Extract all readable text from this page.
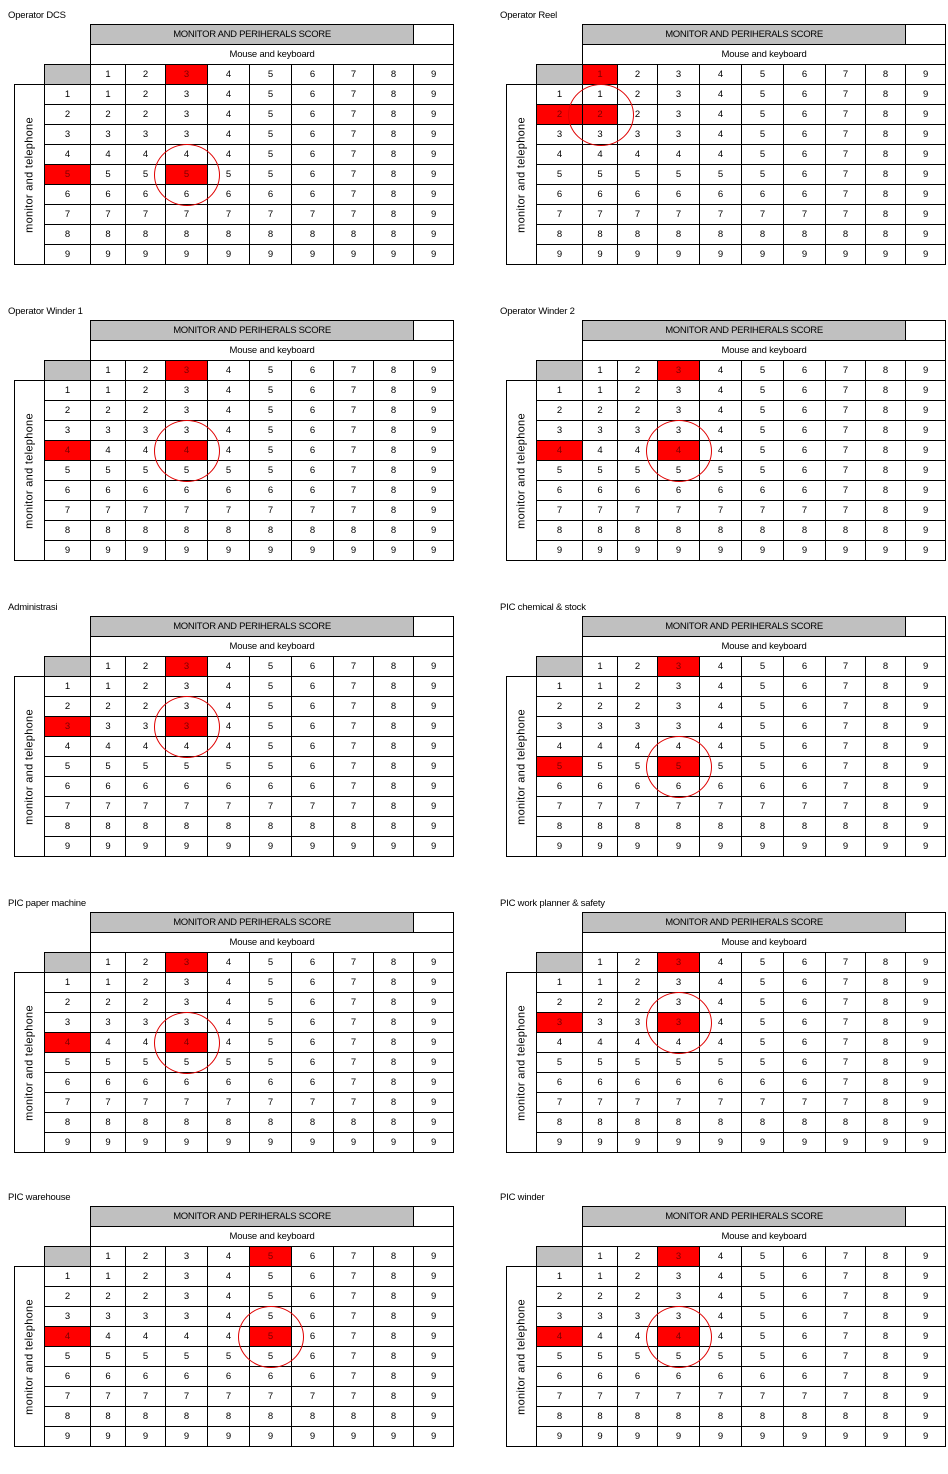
Operator DCS
		MONITOR AND PERIHERALS SCORE								
		Mouse and keyboard								
		1	2	3	4	5	6	7	8	9

monitor and telephone	1	1	2	3	4	5	6	7	8	9
	2	2	2	3	4	5	6	7	8	9
	3	3	3	3	4	5	6	7	8	9
	4	4	4	4	4	5	6	7	8	9
	5	5	5	5	5	5	6	7	8	9
	6	6	6	6	6	6	6	7	8	9
	7	7	7	7	7	7	7	7	8	9
	8	8	8	8	8	8	8	8	8	9
	9	9	9	9	9	9	9	9	9	9
Operator Reel
		MONITOR AND PERIHERALS SCORE								
		Mouse and keyboard								
		1	2	3	4	5	6	7	8	9

monitor and telephone	1	1	2	3	4	5	6	7	8	9
	2	2	2	3	4	5	6	7	8	9
	3	3	3	3	4	5	6	7	8	9
	4	4	4	4	4	5	6	7	8	9
	5	5	5	5	5	5	6	7	8	9
	6	6	6	6	6	6	6	7	8	9
	7	7	7	7	7	7	7	7	8	9
	8	8	8	8	8	8	8	8	8	9
	9	9	9	9	9	9	9	9	9	9
Operator Winder 1
		MONITOR AND PERIHERALS SCORE								
		Mouse and keyboard								
		1	2	3	4	5	6	7	8	9

monitor and telephone	1	1	2	3	4	5	6	7	8	9
	2	2	2	3	4	5	6	7	8	9
	3	3	3	3	4	5	6	7	8	9
	4	4	4	4	4	5	6	7	8	9
	5	5	5	5	5	5	6	7	8	9
	6	6	6	6	6	6	6	7	8	9
	7	7	7	7	7	7	7	7	8	9
	8	8	8	8	8	8	8	8	8	9
	9	9	9	9	9	9	9	9	9	9
Operator Winder 2
		MONITOR AND PERIHERALS SCORE								
		Mouse and keyboard								
		1	2	3	4	5	6	7	8	9

monitor and telephone	1	1	2	3	4	5	6	7	8	9
	2	2	2	3	4	5	6	7	8	9
	3	3	3	3	4	5	6	7	8	9
	4	4	4	4	4	5	6	7	8	9
	5	5	5	5	5	5	6	7	8	9
	6	6	6	6	6	6	6	7	8	9
	7	7	7	7	7	7	7	7	8	9
	8	8	8	8	8	8	8	8	8	9
	9	9	9	9	9	9	9	9	9	9
Administrasi
		MONITOR AND PERIHERALS SCORE								
		Mouse and keyboard								
		1	2	3	4	5	6	7	8	9

monitor and telephone	1	1	2	3	4	5	6	7	8	9
	2	2	2	3	4	5	6	7	8	9
	3	3	3	3	4	5	6	7	8	9
	4	4	4	4	4	5	6	7	8	9
	5	5	5	5	5	5	6	7	8	9
	6	6	6	6	6	6	6	7	8	9
	7	7	7	7	7	7	7	7	8	9
	8	8	8	8	8	8	8	8	8	9
	9	9	9	9	9	9	9	9	9	9
PIC chemical & stock
		MONITOR AND PERIHERALS SCORE								
		Mouse and keyboard								
		1	2	3	4	5	6	7	8	9

monitor and telephone	1	1	2	3	4	5	6	7	8	9
	2	2	2	3	4	5	6	7	8	9
	3	3	3	3	4	5	6	7	8	9
	4	4	4	4	4	5	6	7	8	9
	5	5	5	5	5	5	6	7	8	9
	6	6	6	6	6	6	6	7	8	9
	7	7	7	7	7	7	7	7	8	9
	8	8	8	8	8	8	8	8	8	9
	9	9	9	9	9	9	9	9	9	9
PIC paper machine
		MONITOR AND PERIHERALS SCORE								
		Mouse and keyboard								
		1	2	3	4	5	6	7	8	9

monitor and telephone	1	1	2	3	4	5	6	7	8	9
	2	2	2	3	4	5	6	7	8	9
	3	3	3	3	4	5	6	7	8	9
	4	4	4	4	4	5	6	7	8	9
	5	5	5	5	5	5	6	7	8	9
	6	6	6	6	6	6	6	7	8	9
	7	7	7	7	7	7	7	7	8	9
	8	8	8	8	8	8	8	8	8	9
	9	9	9	9	9	9	9	9	9	9
PIC work planner & safety
		MONITOR AND PERIHERALS SCORE								
		Mouse and keyboard								
		1	2	3	4	5	6	7	8	9

monitor and telephone	1	1	2	3	4	5	6	7	8	9
	2	2	2	3	4	5	6	7	8	9
	3	3	3	3	4	5	6	7	8	9
	4	4	4	4	4	5	6	7	8	9
	5	5	5	5	5	5	6	7	8	9
	6	6	6	6	6	6	6	7	8	9
	7	7	7	7	7	7	7	7	8	9
	8	8	8	8	8	8	8	8	8	9
	9	9	9	9	9	9	9	9	9	9
PIC warehouse
		MONITOR AND PERIHERALS SCORE								
		Mouse and keyboard								
		1	2	3	4	5	6	7	8	9

monitor and telephone	1	1	2	3	4	5	6	7	8	9
	2	2	2	3	4	5	6	7	8	9
	3	3	3	3	4	5	6	7	8	9
	4	4	4	4	4	5	6	7	8	9
	5	5	5	5	5	5	6	7	8	9
	6	6	6	6	6	6	6	7	8	9
	7	7	7	7	7	7	7	7	8	9
	8	8	8	8	8	8	8	8	8	9
	9	9	9	9	9	9	9	9	9	9
PIC winder
		MONITOR AND PERIHERALS SCORE								
		Mouse and keyboard								
		1	2	3	4	5	6	7	8	9

monitor and telephone	1	1	2	3	4	5	6	7	8	9
	2	2	2	3	4	5	6	7	8	9
	3	3	3	3	4	5	6	7	8	9
	4	4	4	4	4	5	6	7	8	9
	5	5	5	5	5	5	6	7	8	9
	6	6	6	6	6	6	6	7	8	9
	7	7	7	7	7	7	7	7	8	9
	8	8	8	8	8	8	8	8	8	9
	9	9	9	9	9	9	9	9	9	9
